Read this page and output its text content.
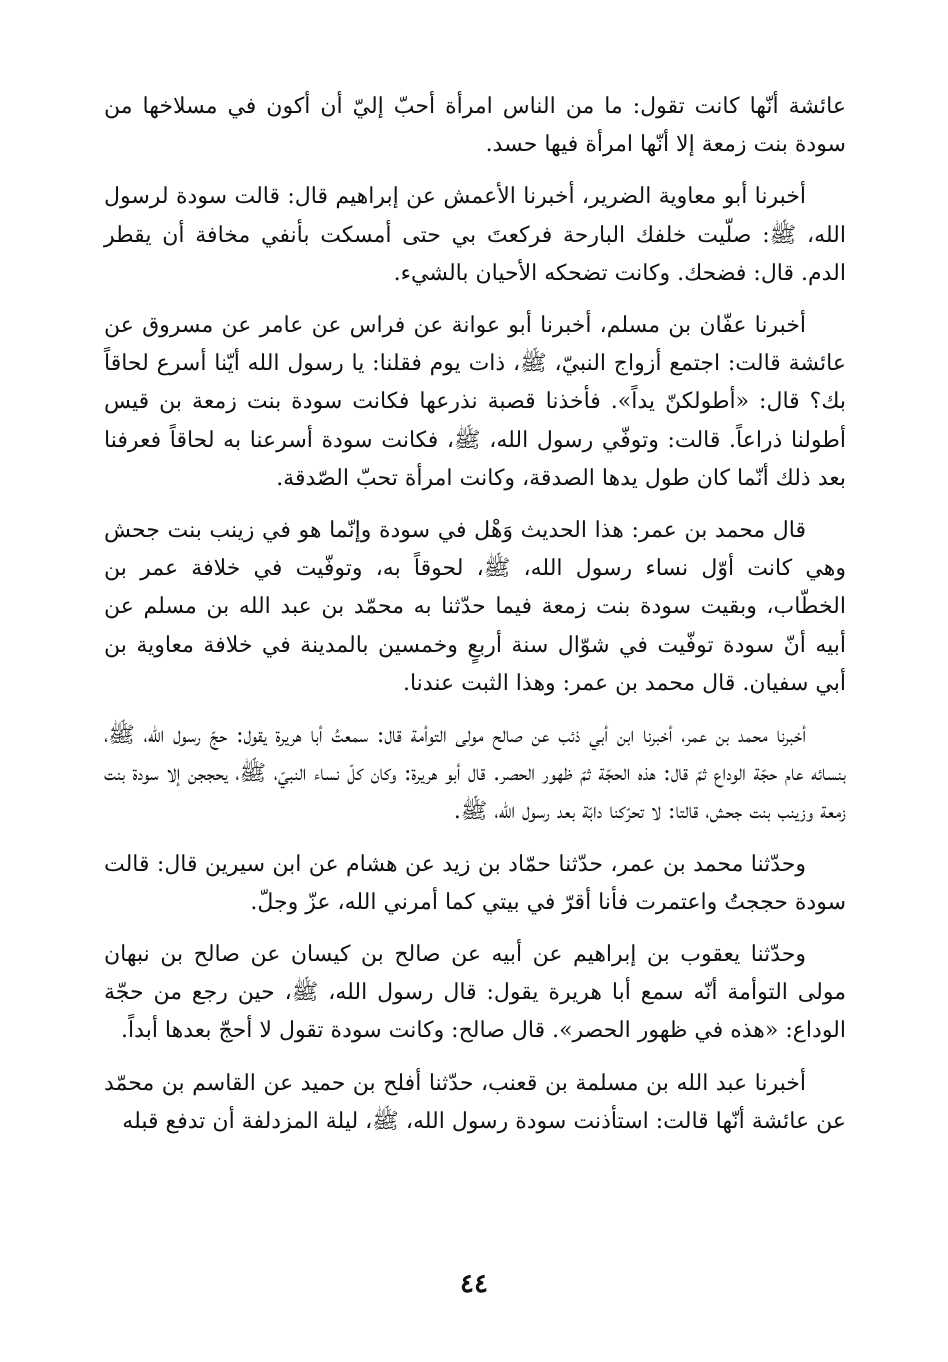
عائشة أنّها كانت تقول: ما من الناس امرأة أحبّ إليّ أن أكون في مسلاخها من سودة بنت زمعة إلا أنّها امرأة فيها حسد.

أخبرنا أبو معاوية الضرير، أخبرنا الأعمش عن إبراهيم قال: قالت سودة لرسول الله، ﷺ: صلّيت خلفك البارحة فركعتَ بي حتى أمسكت بأنفي مخافة أن يقطر الدم. قال: فضحك. وكانت تضحكه الأحيان بالشيء.

أخبرنا عفّان بن مسلم، أخبرنا أبو عوانة عن فراس عن عامر عن مسروق عن عائشة قالت: اجتمع أزواج النبيّ، ﷺ، ذات يوم فقلنا: يا رسول الله أيّنا أسرع لحاقاً بك؟ قال: «أطولكنّ يداً». فأخذنا قصبة نذرعها فكانت سودة بنت زمعة بن قيس أطولنا ذراعاً. قالت: وتوفّي رسول الله، ﷺ، فكانت سودة أسرعنا به لحاقاً فعرفنا بعد ذلك أنّما كان طول يدها الصدقة، وكانت امرأة تحبّ الصّدقة.

قال محمد بن عمر: هذا الحديث وَهْل في سودة وإنّما هو في زينب بنت جحش وهي كانت أوّل نساء رسول الله، ﷺ، لحوقاً به، وتوفّيت في خلافة عمر بن الخطّاب، وبقيت سودة بنت زمعة فيما حدّثنا به محمّد بن عبد الله بن مسلم عن أبيه أنّ سودة توفّيت في شوّال سنة أربعٍ وخمسين بالمدينة في خلافة معاوية بن أبي سفيان. قال محمد بن عمر: وهذا الثبت عندنا.

أخبرنا محمد بن عمر، أخبرنا ابن أبي ذئب عن صالح مولى التوأمة قال: سمعتُ أبا هريرة يقول: حجّ رسول الله، ﷺ، بنسائه عام حجّة الوداع ثمّ قال: هذه الحجّة ثمّ ظهور الحصر. قال أبو هريرة: وكان كلّ نساء النبيّ، ﷺ، يحججن إلا سودة بنت زمعة وزينب بنت جحش، قالتا: لا تحرّكنا دابّة بعد رسول الله، ﷺ.

وحدّثنا محمد بن عمر، حدّثنا حمّاد بن زيد عن هشام عن ابن سيرين قال: قالت سودة حججتُ واعتمرت فأنا أقرّ في بيتي كما أمرني الله، عزّ وجلّ.

وحدّثنا يعقوب بن إبراهيم عن أبيه عن صالح بن كيسان عن صالح بن نبهان مولى التوأمة أنّه سمع أبا هريرة يقول: قال رسول الله، ﷺ، حين رجع من حجّة الوداع: «هذه في ظهور الحصر». قال صالح: وكانت سودة تقول لا أحجّ بعدها أبداً.

أخبرنا عبد الله بن مسلمة بن قعنب، حدّثنا أفلح بن حميد عن القاسم بن محمّد عن عائشة أنّها قالت: استأذنت سودة رسول الله، ﷺ، ليلة المزدلفة أن تدفع قبله

٤٤
